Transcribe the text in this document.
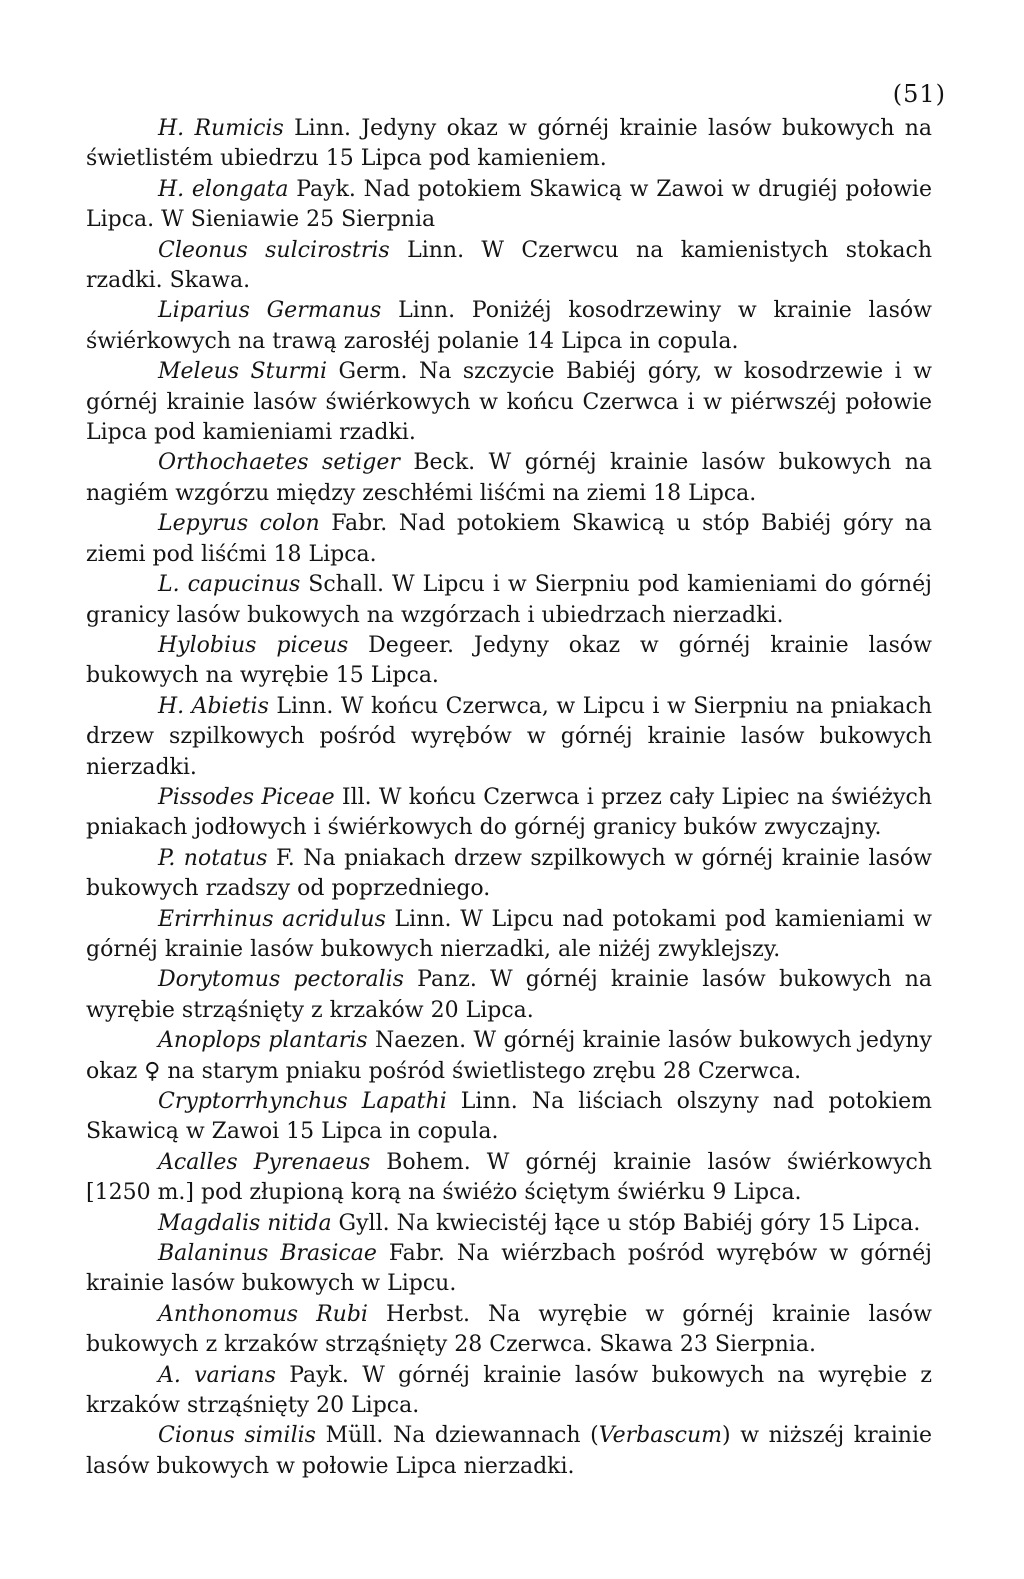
(51)

H. Rumicis Linn. Jedyny okaz w górnéj krainie lasów bukowych na świetlistém ubiedrzu 15 Lipca pod kamieniem.

H. elongata Payk. Nad potokiem Skawicą w Zawoi w drugiéj połowie Lipca. W Sieniawie 25 Sierpnia

Cleonus sulcirostris Linn. W Czerwcu na kamienistych stokach rzadki. Skawa.

Liparius Germanus Linn. Poniżéj kosodrzewiny w krainie lasów świérkowych na trawą zarosłéj polanie 14 Lipca in copula.

Meleus Sturmi Germ. Na szczycie Babiéj góry, w kosodrzewie i w górnéj krainie lasów świérkowych w końcu Czerwca i w piérwszéj połowie Lipca pod kamieniami rzadki.

Orthochaetes setiger Beck. W górnéj krainie lasów bukowych na nagiém wzgórzu między zeschłémi liśćmi na ziemi 18 Lipca.

Lepyrus colon Fabr. Nad potokiem Skawicą u stóp Babiéj góry na ziemi pod liśćmi 18 Lipca.

L. capucinus Schall. W Lipcu i w Sierpniu pod kamieniami do górnéj granicy lasów bukowych na wzgórzach i ubiedrzach nierzadki.

Hylobius piceus Degeer. Jedyny okaz w górnéj krainie lasów bukowych na wyrębie 15 Lipca.

H. Abietis Linn. W końcu Czerwca, w Lipcu i w Sierpniu na pniakach drzew szpilkowych pośród wyrębów w górnéj krainie lasów bukowych nierzadki.

Pissodes Piceae Ill. W końcu Czerwca i przez cały Lipiec na świéżych pniakach jodłowych i świérkowych do górnéj granicy buków zwyczajny.

P. notatus F. Na pniakach drzew szpilkowych w górnéj krainie lasów bukowych rzadszy od poprzedniego.

Erirrhinus acridulus Linn. W Lipcu nad potokami pod kamieniami w górnéj krainie lasów bukowych nierzadki, ale niżéj zwyklejszy.

Dorytomus pectoralis Panz. W górnéj krainie lasów bukowych na wyrębie strząśnięty z krzaków 20 Lipca.

Anoplops plantaris Naezen. W górnéj krainie lasów bukowych jedyny okaz ♀ na starym pniaku pośród świetlistego zrębu 28 Czerwca.

Cryptorrhynchus Lapathi Linn. Na liściach olszyny nad potokiem Skawicą w Zawoi 15 Lipca in copula.

Acalles Pyrenaeus Bohem. W górnéj krainie lasów świérkowych [1250 m.] pod złupioną korą na świéżo ściętym świérku 9 Lipca.

Magdalis nitida Gyll. Na kwiecistéj łące u stóp Babiéj góry 15 Lipca.

Balaninus Brasicae Fabr. Na wiérzbach pośród wyrębów w górnéj krainie lasów bukowych w Lipcu.

Anthonomus Rubi Herbst. Na wyrębie w górnéj krainie lasów bukowych z krzaków strząśnięty 28 Czerwca. Skawa 23 Sierpnia.

A. varians Payk. W górnéj krainie lasów bukowych na wyrębie z krzaków strząśnięty 20 Lipca.

Cionus similis Müll. Na dziewannach (Verbascum) w niższéj krainie lasów bukowych w połowie Lipca nierzadki.
